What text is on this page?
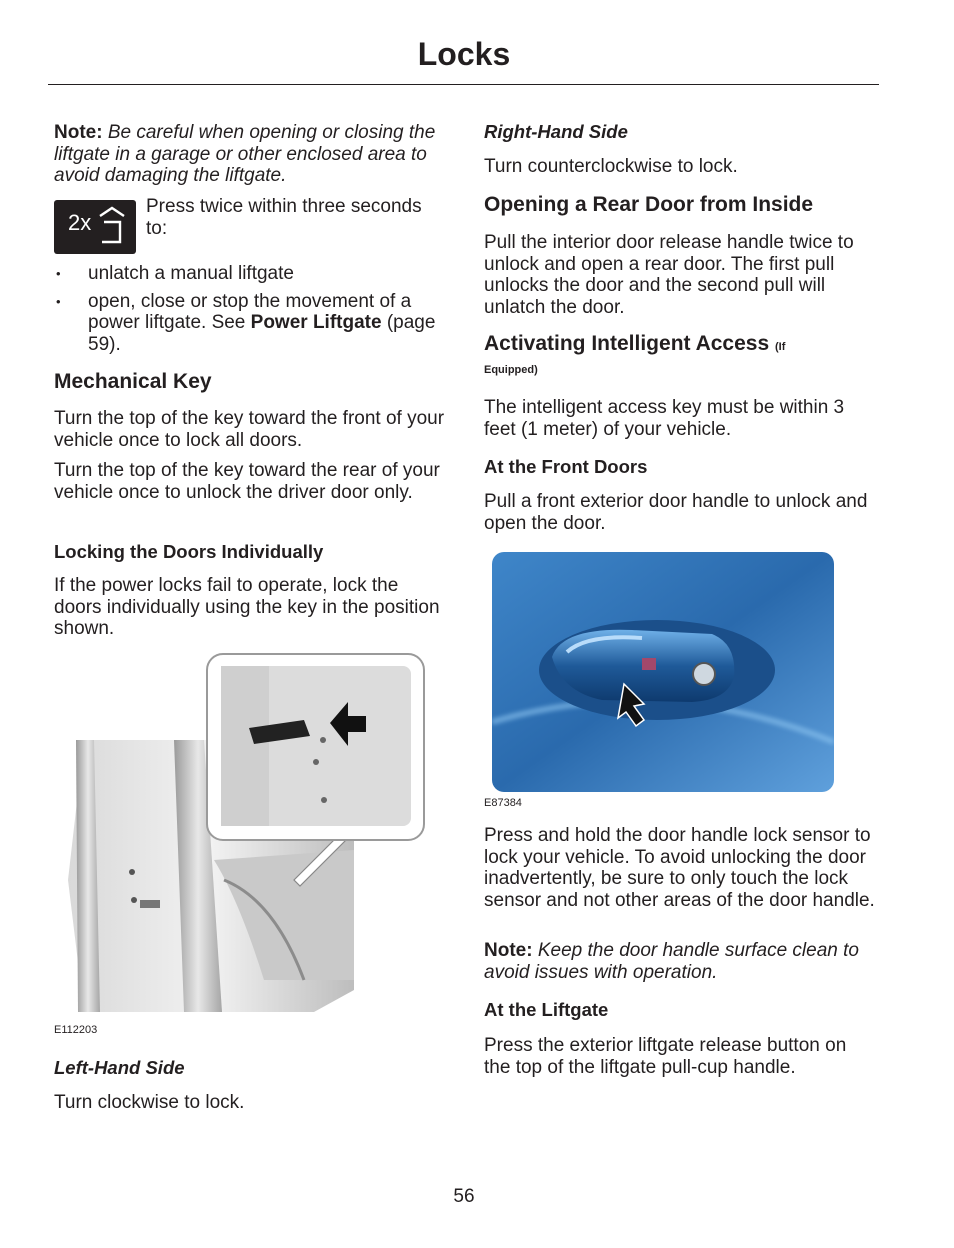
Locks

Note: Be careful when opening or closing the liftgate in a garage or other enclosed area to avoid damaging the liftgate.

2x

Press twice within three seconds to:

• unlatch a manual liftgate
• open, close or stop the movement of a power liftgate. See Power Liftgate (page 59).
Mechanical Key

Turn the top of the key toward the front of your vehicle once to lock all doors.

Turn the top of the key toward the rear of your vehicle once to unlock the driver door only.

Locking the Doors Individually

If the power locks fail to operate, lock the doors individually using the key in the position shown.

E112203
Left-Hand Side

Turn clockwise to lock.

Right-Hand Side

Turn counterclockwise to lock.

Opening a Rear Door from Inside

Pull the interior door release handle twice to unlock and open a rear door. The first pull unlocks the door and the second pull will unlatch the door.

Activating Intelligent Access (If
Equipped)

The intelligent access key must be within 3 feet (1 meter) of your vehicle.

At the Front Doors

Pull a front exterior door handle to unlock and open the door.

E87384

Press and hold the door handle lock sensor to lock your vehicle. To avoid unlocking the door inadvertently, be sure to only touch the lock sensor and not other areas of the door handle.

Note: Keep the door handle surface clean to avoid issues with operation.

At the Liftgate

Press the exterior liftgate release button on the top of the liftgate pull-cup handle.

56
